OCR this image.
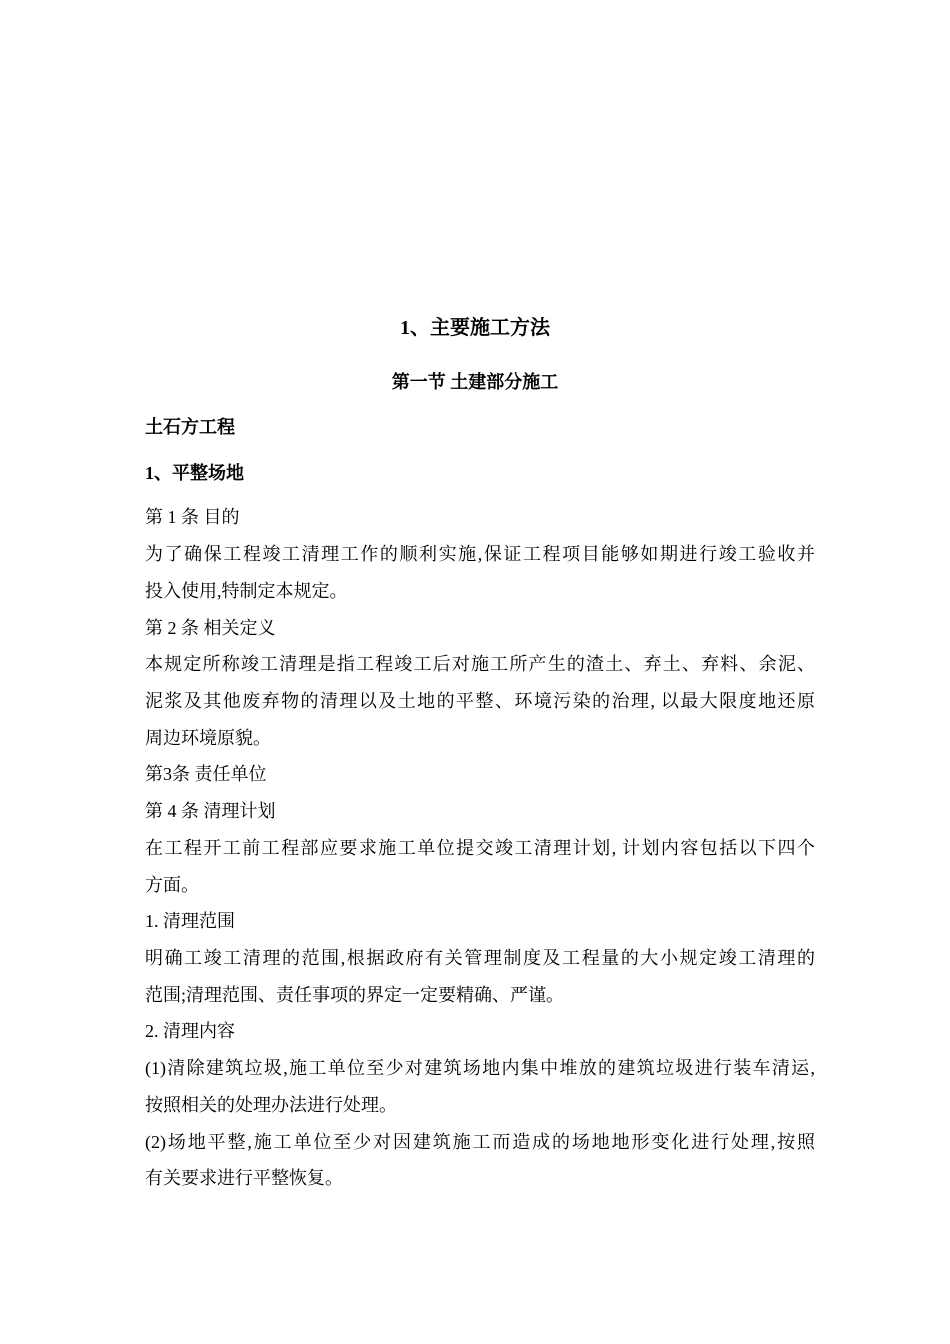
1、主要施工方法
第一节 土建部分施工
土石方工程
1、平整场地
第 1 条 目的
为了确保工程竣工清理工作的顺利实施,保证工程项目能够如期进行竣工验收并
投入使用,特制定本规定。
第 2 条 相关定义
本规定所称竣工清理是指工程竣工后对施工所产生的渣土、弃土、弃料、余泥、
泥浆及其他废弃物的清理以及土地的平整、环境污染的治理, 以最大限度地还原
周边环境原貌。
第3条 责任单位
第 4 条 清理计划
在工程开工前工程部应要求施工单位提交竣工清理计划, 计划内容包括以下四个
方面。
1. 清理范围
明确工竣工清理的范围,根据政府有关管理制度及工程量的大小规定竣工清理的
范围;清理范围、责任事项的界定一定要精确、严谨。
2. 清理内容
(1)清除建筑垃圾,施工单位至少对建筑场地内集中堆放的建筑垃圾进行装车清运,
按照相关的处理办法进行处理。
(2)场地平整,施工单位至少对因建筑施工而造成的场地地形变化进行处理,按照
有关要求进行平整恢复。
